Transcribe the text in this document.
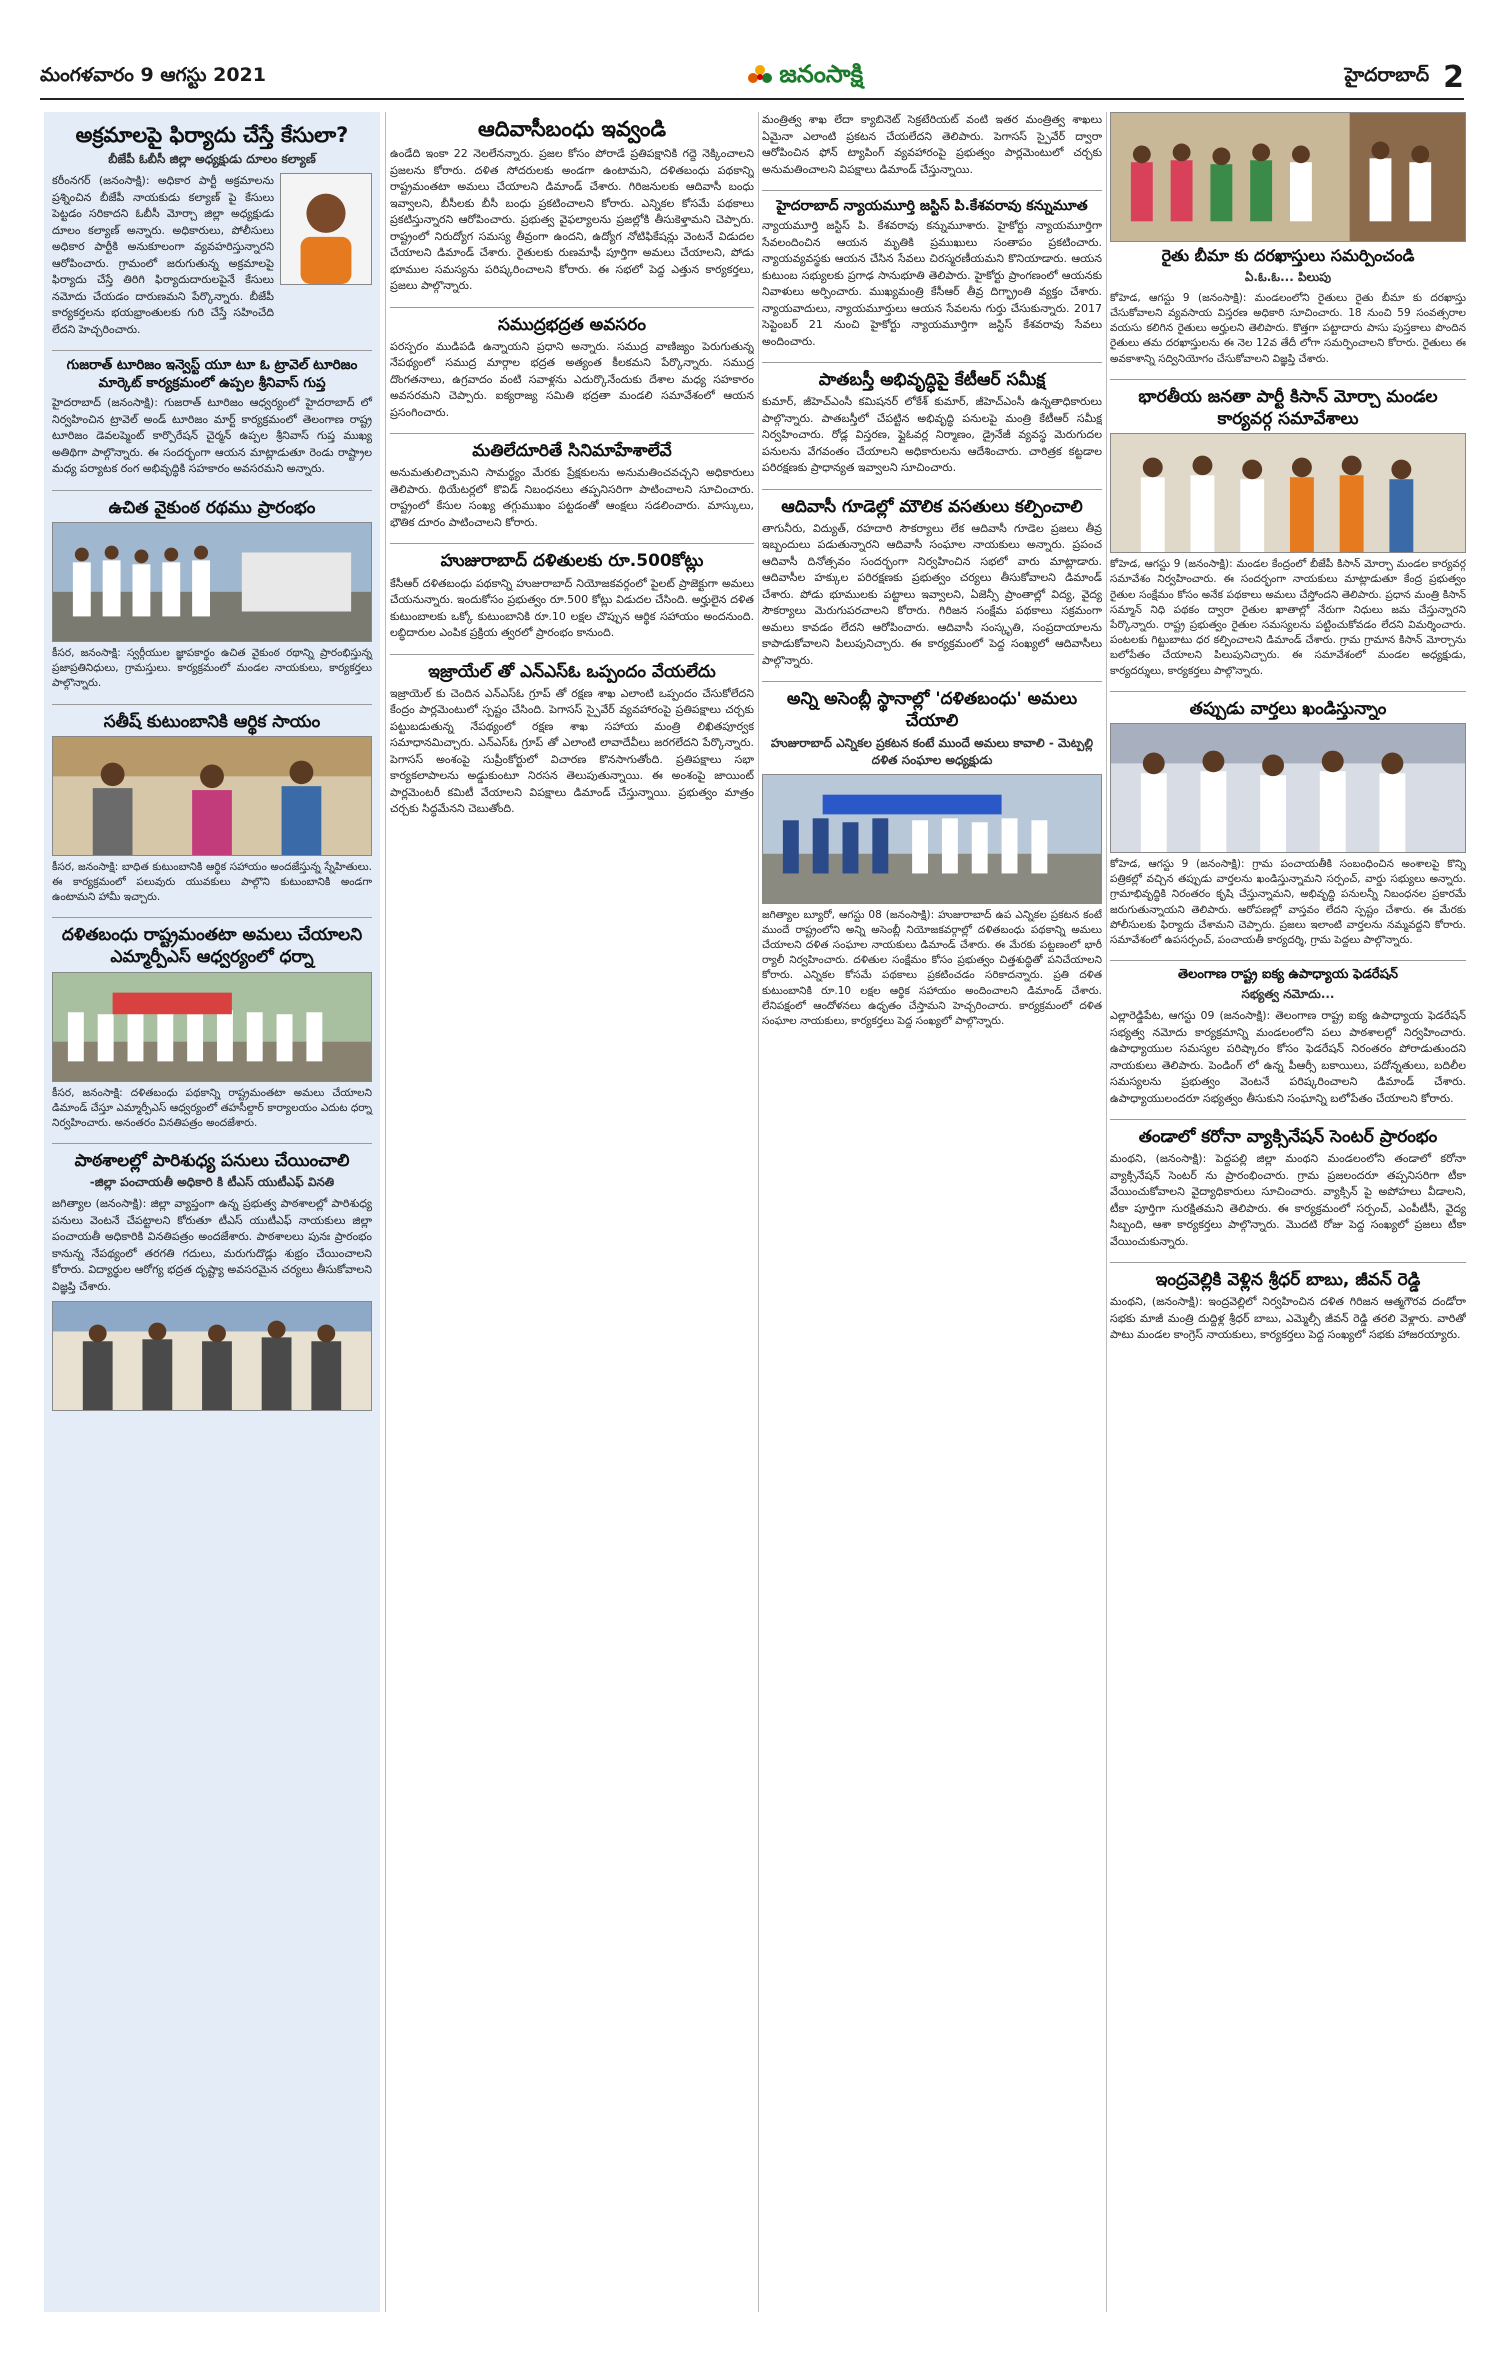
మంగళవారం 9 ఆగస్టు 2021	జనంసాక్షి	హైదరాబాద్ 2
అక్రమాలపై ఫిర్యాదు చేస్తే కేసులా?
బీజేపీ ఓబీసీ జిల్లా అధ్యక్షుడు దూలం కల్యాణ్
కరీంనగర్ (జనంసాక్షి): అధికార పార్టీ అక్రమాలను ప్రశ్నించిన బీజేపీ నాయకుడు కల్యాణ్ పై కేసులు పెట్టడం సరికాదని ఓబీసీ మోర్చా జిల్లా అధ్యక్షుడు దూలం కల్యాణ్ అన్నారు. అధికారులు, పోలీసులు అధికార పార్టీకి అనుకూలంగా వ్యవహరిస్తున్నారని ఆరోపించారు. గ్రామంలో జరుగుతున్న అక్రమాలపై ఫిర్యాదు చేస్తే తిరిగి ఫిర్యాదుదారులపైనే కేసులు నమోదు చేయడం దారుణమని పేర్కొన్నారు. బీజేపీ కార్యకర్తలను భయభ్రాంతులకు గురి చేస్తే సహించేది లేదని హెచ్చరించారు.
గుజరాత్ టూరిజం ఇన్వెస్ట్ యూ టూ ఓ ట్రావెల్ టూరిజం మార్కెట్ కార్యక్రమంలో ఉప్పల శ్రీనివాస్ గుప్త
హైదరాబాద్ (జనంసాక్షి): గుజరాత్ టూరిజం ఆధ్వర్యంలో హైదరాబాద్ లో నిర్వహించిన ట్రావెల్ అండ్ టూరిజం మార్ట్ కార్యక్రమంలో తెలంగాణ రాష్ట్ర టూరిజం డెవలప్మెంట్ కార్పొరేషన్ చైర్మన్ ఉప్పల శ్రీనివాస్ గుప్త ముఖ్య అతిథిగా పాల్గొన్నారు. ఈ సందర్భంగా ఆయన మాట్లాడుతూ రెండు రాష్ట్రాల మధ్య పర్యాటక రంగ అభివృద్ధికి సహకారం అవసరమని అన్నారు.
ఉచిత వైకుంఠ రథము ప్రారంభం
కీసర, జనంసాక్షి: స్వర్గీయుల జ్ఞాపకార్థం ఉచిత వైకుంఠ రథాన్ని ప్రారంభిస్తున్న ప్రజాప్రతినిధులు, గ్రామస్తులు. కార్యక్రమంలో మండల నాయకులు, కార్యకర్తలు పాల్గొన్నారు.
సతీష్ కుటుంబానికి ఆర్థిక సాయం
కీసర, జనంసాక్షి: బాధిత కుటుంబానికి ఆర్థిక సహాయం అందజేస్తున్న స్నేహితులు. ఈ కార్యక్రమంలో పలువురు యువకులు పాల్గొని కుటుంబానికి అండగా ఉంటామని హామీ ఇచ్చారు.
దళితబంధు రాష్ట్రమంతటా అమలు చేయాలని ఎమ్మార్పీఎస్ ఆధ్వర్యంలో ధర్నా
కీసర, జనంసాక్షి: దళితబంధు పథకాన్ని రాష్ట్రమంతటా అమలు చేయాలని డిమాండ్ చేస్తూ ఎమ్మార్పీఎస్ ఆధ్వర్యంలో తహసీల్దార్ కార్యాలయం ఎదుట ధర్నా నిర్వహించారు. అనంతరం వినతిపత్రం అందజేశారు.
పాఠశాలల్లో పారిశుధ్య పనులు చేయించాలి
-జిల్లా పంచాయతీ అధికారి కి టీఎస్ యుటీఎఫ్ వినతి
జగిత్యాల (జనంసాక్షి): జిల్లా వ్యాప్తంగా ఉన్న ప్రభుత్వ పాఠశాలల్లో పారిశుధ్య పనులు వెంటనే చేపట్టాలని కోరుతూ టీఎస్ యుటీఎఫ్ నాయకులు జిల్లా పంచాయతీ అధికారికి వినతిపత్రం అందజేశారు. పాఠశాలలు పునః ప్రారంభం కానున్న నేపథ్యంలో తరగతి గదులు, మరుగుదొడ్లు శుభ్రం చేయించాలని కోరారు. విద్యార్థుల ఆరోగ్య భద్రత దృష్ట్యా అవసరమైన చర్యలు తీసుకోవాలని విజ్ఞప్తి చేశారు.
ఆదివాసీబంధు ఇవ్వండి
ఉండేది ఇంకా 22 నెలలేనన్నారు. ప్రజల కోసం పోరాడే ప్రతిపక్షానికి గద్దె నెక్కించాలని ప్రజలను కోరారు. దళిత సోదరులకు అండగా ఉంటామని, దళితబంధు పథకాన్ని రాష్ట్రమంతటా అమలు చేయాలని డిమాండ్ చేశారు. గిరిజనులకు ఆదివాసీ బంధు ఇవ్వాలని, బీసీలకు బీసీ బంధు ప్రకటించాలని కోరారు. ఎన్నికల కోసమే పథకాలు ప్రకటిస్తున్నారని ఆరోపించారు. ప్రభుత్వ వైఫల్యాలను ప్రజల్లోకి తీసుకెళ్తామని చెప్పారు. రాష్ట్రంలో నిరుద్యోగ సమస్య తీవ్రంగా ఉందని, ఉద్యోగ నోటిఫికేషన్లు వెంటనే విడుదల చేయాలని డిమాండ్ చేశారు. రైతులకు రుణమాఫీ పూర్తిగా అమలు చేయాలని, పోడు భూముల సమస్యను పరిష్కరించాలని కోరారు. ఈ సభలో పెద్ద ఎత్తున కార్యకర్తలు, ప్రజలు పాల్గొన్నారు.
సముద్రభద్రత అవసరం
పరస్పరం ముడిపడి ఉన్నాయని ప్రధాని అన్నారు. సముద్ర వాణిజ్యం పెరుగుతున్న నేపథ్యంలో సముద్ర మార్గాల భద్రత అత్యంత కీలకమని పేర్కొన్నారు. సముద్ర దొంగతనాలు, ఉగ్రవాదం వంటి సవాళ్లను ఎదుర్కొనేందుకు దేశాల మధ్య సహకారం అవసరమని చెప్పారు. ఐక్యరాజ్య సమితి భద్రతా మండలి సమావేశంలో ఆయన ప్రసంగించారు.
మతిలేదూరితే సినిమాహేశాలేవే
అనుమతులిచ్చామని సామర్థ్యం మేరకు ప్రేక్షకులను అనుమతించవచ్చని అధికారులు తెలిపారు. థియేటర్లలో కొవిడ్ నిబంధనలు తప్పనిసరిగా పాటించాలని సూచించారు. రాష్ట్రంలో కేసుల సంఖ్య తగ్గుముఖం పట్టడంతో ఆంక్షలు సడలించారు. మాస్కులు, భౌతిక దూరం పాటించాలని కోరారు.
హుజురాబాద్ దళితులకు రూ.500కోట్లు
కేసీఆర్ దళితబంధు పథకాన్ని హుజురాబాద్ నియోజకవర్గంలో పైలట్ ప్రాజెక్టుగా అమలు చేయనున్నారు. ఇందుకోసం ప్రభుత్వం రూ.500 కోట్లు విడుదల చేసింది. అర్హులైన దళిత కుటుంబాలకు ఒక్కో కుటుంబానికి రూ.10 లక్షల చొప్పున ఆర్థిక సహాయం అందనుంది. లబ్ధిదారుల ఎంపిక ప్రక్రియ త్వరలో ప్రారంభం కానుంది.
ఇజ్రాయేల్ తో ఎన్ఎస్ఓ ఒప్పందం వేయలేదు
ఇజ్రాయెల్ కు చెందిన ఎన్ఎస్ఓ గ్రూప్ తో రక్షణ శాఖ ఎలాంటి ఒప్పందం చేసుకోలేదని కేంద్రం పార్లమెంటులో స్పష్టం చేసింది. పెగాసస్ స్పైవేర్ వ్యవహారంపై ప్రతిపక్షాలు చర్చకు పట్టుబడుతున్న నేపథ్యంలో రక్షణ శాఖ సహాయ మంత్రి లిఖితపూర్వక సమాధానమిచ్చారు. ఎన్ఎస్ఓ గ్రూప్ తో ఎలాంటి లావాదేవీలు జరగలేదని పేర్కొన్నారు. పెగాసస్ అంశంపై సుప్రీంకోర్టులో విచారణ కొనసాగుతోంది. ప్రతిపక్షాలు సభా కార్యకలాపాలను అడ్డుకుంటూ నిరసన తెలుపుతున్నాయి. ఈ అంశంపై జాయింట్ పార్లమెంటరీ కమిటీ వేయాలని విపక్షాలు డిమాండ్ చేస్తున్నాయి. ప్రభుత్వం మాత్రం చర్చకు సిద్ధమేనని చెబుతోంది.
మంత్రిత్వ శాఖ లేదా క్యాబినెట్ సెక్రటేరియట్ వంటి ఇతర మంత్రిత్వ శాఖలు ఏమైనా ఎలాంటి ప్రకటన చేయలేదని తెలిపారు. పెగాసస్ స్పైవేర్ ద్వారా ఆరోపించిన ఫోన్ ట్యాపింగ్ వ్యవహారంపై ప్రభుత్వం పార్లమెంటులో చర్చకు అనుమతించాలని విపక్షాలు డిమాండ్ చేస్తున్నాయి.
హైదరాబాద్ న్యాయమూర్తి జస్టిస్ పి.కేశవరావు కన్నుమూత
న్యాయమూర్తి జస్టిస్ పి. కేశవరావు కన్నుమూశారు. హైకోర్టు న్యాయమూర్తిగా సేవలందించిన ఆయన మృతికి ప్రముఖులు సంతాపం ప్రకటించారు. న్యాయవ్యవస్థకు ఆయన చేసిన సేవలు చిరస్మరణీయమని కొనియాడారు. ఆయన కుటుంబ సభ్యులకు ప్రగాఢ సానుభూతి తెలిపారు. హైకోర్టు ప్రాంగణంలో ఆయనకు నివాళులు అర్పించారు. ముఖ్యమంత్రి కేసీఆర్ తీవ్ర దిగ్భ్రాంతి వ్యక్తం చేశారు. న్యాయవాదులు, న్యాయమూర్తులు ఆయన సేవలను గుర్తు చేసుకున్నారు. 2017 సెప్టెంబర్ 21 నుంచి హైకోర్టు న్యాయమూర్తిగా జస్టిస్ కేశవరావు సేవలు అందించారు.
పాతబస్తీ అభివృద్ధిపై కేటీఆర్ సమీక్ష
కుమార్, జీహెచ్ఎంసీ కమిషనర్ లోకేశ్ కుమార్, జీహెచ్ఎంసీ ఉన్నతాధికారులు పాల్గొన్నారు. పాతబస్తీలో చేపట్టిన అభివృద్ధి పనులపై మంత్రి కేటీఆర్ సమీక్ష నిర్వహించారు. రోడ్ల విస్తరణ, ఫ్లైఓవర్ల నిర్మాణం, డ్రైనేజీ వ్యవస్థ మెరుగుదల పనులను వేగవంతం చేయాలని అధికారులను ఆదేశించారు. చారిత్రక కట్టడాల పరిరక్షణకు ప్రాధాన్యత ఇవ్వాలని సూచించారు.
ఆదివాసీ గూడెల్లో మౌలిక వసతులు కల్పించాలి
తాగునీరు, విద్యుత్, రహదారి సౌకర్యాలు లేక ఆదివాసీ గూడెల ప్రజలు తీవ్ర ఇబ్బందులు పడుతున్నారని ఆదివాసీ సంఘాల నాయకులు అన్నారు. ప్రపంచ ఆదివాసీ దినోత్సవం సందర్భంగా నిర్వహించిన సభలో వారు మాట్లాడారు. ఆదివాసీల హక్కుల పరిరక్షణకు ప్రభుత్వం చర్యలు తీసుకోవాలని డిమాండ్ చేశారు. పోడు భూములకు పట్టాలు ఇవ్వాలని, ఏజెన్సీ ప్రాంతాల్లో విద్య, వైద్య సౌకర్యాలు మెరుగుపరచాలని కోరారు. గిరిజన సంక్షేమ పథకాలు సక్రమంగా అమలు కావడం లేదని ఆరోపించారు. ఆదివాసీ సంస్కృతి, సంప్రదాయాలను కాపాడుకోవాలని పిలుపునిచ్చారు. ఈ కార్యక్రమంలో పెద్ద సంఖ్యలో ఆదివాసీలు పాల్గొన్నారు.
అన్ని అసెంబ్లీ స్థానాల్లో 'దళితబంధు' అమలు చేయాలి
హుజురాబాద్ ఎన్నికల ప్రకటన కంటే ముందే అమలు కావాలి - మెట్పల్లి దళిత సంఘాల అధ్యక్షుడు
జగిత్యాల బ్యూరో, ఆగస్టు 08 (జనంసాక్షి): హుజురాబాద్ ఉప ఎన్నికల ప్రకటన కంటే ముందే రాష్ట్రంలోని అన్ని అసెంబ్లీ నియోజకవర్గాల్లో దళితబంధు పథకాన్ని అమలు చేయాలని దళిత సంఘాల నాయకులు డిమాండ్ చేశారు. ఈ మేరకు పట్టణంలో భారీ ర్యాలీ నిర్వహించారు. దళితుల సంక్షేమం కోసం ప్రభుత్వం చిత్తశుద్ధితో పనిచేయాలని కోరారు. ఎన్నికల కోసమే పథకాలు ప్రకటించడం సరికాదన్నారు. ప్రతి దళిత కుటుంబానికి రూ.10 లక్షల ఆర్థిక సహాయం అందించాలని డిమాండ్ చేశారు. లేనిపక్షంలో ఆందోళనలు ఉధృతం చేస్తామని హెచ్చరించారు. కార్యక్రమంలో దళిత సంఘాల నాయకులు, కార్యకర్తలు పెద్ద సంఖ్యలో పాల్గొన్నారు.
రైతు బీమా కు దరఖాస్తులు సమర్పించండి
ఏ.ఓ.ఓ... పిలుపు
కోహెడ, ఆగస్టు 9 (జనంసాక్షి): మండలంలోని రైతులు రైతు బీమా కు దరఖాస్తు చేసుకోవాలని వ్యవసాయ విస్తరణ అధికారి సూచించారు. 18 నుంచి 59 సంవత్సరాల వయసు కలిగిన రైతులు అర్హులని తెలిపారు. కొత్తగా పట్టాదారు పాసు పుస్తకాలు పొందిన రైతులు తమ దరఖాస్తులను ఈ నెల 12వ తేదీ లోగా సమర్పించాలని కోరారు. రైతులు ఈ అవకాశాన్ని సద్వినియోగం చేసుకోవాలని విజ్ఞప్తి చేశారు.
భారతీయ జనతా పార్టీ కిసాన్ మోర్చా మండల కార్యవర్గ సమావేశాలు
కోహెడ, ఆగస్టు 9 (జనంసాక్షి): మండల కేంద్రంలో బీజేపీ కిసాన్ మోర్చా మండల కార్యవర్గ సమావేశం నిర్వహించారు. ఈ సందర్భంగా నాయకులు మాట్లాడుతూ కేంద్ర ప్రభుత్వం రైతుల సంక్షేమం కోసం అనేక పథకాలు అమలు చేస్తోందని తెలిపారు. ప్రధాన మంత్రి కిసాన్ సమ్మాన్ నిధి పథకం ద్వారా రైతుల ఖాతాల్లో నేరుగా నిధులు జమ చేస్తున్నారని పేర్కొన్నారు. రాష్ట్ర ప్రభుత్వం రైతుల సమస్యలను పట్టించుకోవడం లేదని విమర్శించారు. పంటలకు గిట్టుబాటు ధర కల్పించాలని డిమాండ్ చేశారు. గ్రామ గ్రామాన కిసాన్ మోర్చాను బలోపేతం చేయాలని పిలుపునిచ్చారు. ఈ సమావేశంలో మండల అధ్యక్షుడు, కార్యదర్శులు, కార్యకర్తలు పాల్గొన్నారు.
తప్పుడు వార్తలు ఖండిస్తున్నాం
కోహెడ, ఆగస్టు 9 (జనంసాక్షి): గ్రామ పంచాయతీకి సంబంధించిన అంశాలపై కొన్ని పత్రికల్లో వచ్చిన తప్పుడు వార్తలను ఖండిస్తున్నామని సర్పంచ్, వార్డు సభ్యులు అన్నారు. గ్రామాభివృద్ధికి నిరంతరం కృషి చేస్తున్నామని, అభివృద్ధి పనులన్నీ నిబంధనల ప్రకారమే జరుగుతున్నాయని తెలిపారు. ఆరోపణల్లో వాస్తవం లేదని స్పష్టం చేశారు. ఈ మేరకు పోలీసులకు ఫిర్యాదు చేశామని చెప్పారు. ప్రజలు ఇలాంటి వార్తలను నమ్మవద్దని కోరారు. సమావేశంలో ఉపసర్పంచ్, పంచాయతీ కార్యదర్శి, గ్రామ పెద్దలు పాల్గొన్నారు.
తెలంగాణ రాష్ట్ర ఐక్య ఉపాధ్యాయ ఫెడరేషన్
సభ్యత్వ నమోదు...
ఎల్లారెడ్డిపేట, ఆగస్టు 09 (జనంసాక్షి): తెలంగాణ రాష్ట్ర ఐక్య ఉపాధ్యాయ ఫెడరేషన్ సభ్యత్వ నమోదు కార్యక్రమాన్ని మండలంలోని పలు పాఠశాలల్లో నిర్వహించారు. ఉపాధ్యాయుల సమస్యల పరిష్కారం కోసం ఫెడరేషన్ నిరంతరం పోరాడుతుందని నాయకులు తెలిపారు. పెండింగ్ లో ఉన్న పీఆర్సీ బకాయిలు, పదోన్నతులు, బదిలీల సమస్యలను ప్రభుత్వం వెంటనే పరిష్కరించాలని డిమాండ్ చేశారు. ఉపాధ్యాయులందరూ సభ్యత్వం తీసుకుని సంఘాన్ని బలోపేతం చేయాలని కోరారు.
తండాలో కరోనా వ్యాక్సినేషన్ సెంటర్ ప్రారంభం
మంథని, (జనంసాక్షి): పెద్దపల్లి జిల్లా మంథని మండలంలోని తండాలో కరోనా వ్యాక్సినేషన్ సెంటర్ ను ప్రారంభించారు. గ్రామ ప్రజలందరూ తప్పనిసరిగా టీకా వేయించుకోవాలని వైద్యాధికారులు సూచించారు. వ్యాక్సిన్ పై అపోహలు వీడాలని, టీకా పూర్తిగా సురక్షితమని తెలిపారు. ఈ కార్యక్రమంలో సర్పంచ్, ఎంపీటీసీ, వైద్య సిబ్బంది, ఆశా కార్యకర్తలు పాల్గొన్నారు. మొదటి రోజు పెద్ద సంఖ్యలో ప్రజలు టీకా వేయించుకున్నారు.
ఇంద్రవెల్లికి వెళ్లిన శ్రీధర్ బాబు, జీవన్ రెడ్డి
మంథని, (జనంసాక్షి): ఇంద్రవెల్లిలో నిర్వహించిన దళిత గిరిజన ఆత్మగౌరవ దండోరా సభకు మాజీ మంత్రి దుద్దిళ్ల శ్రీధర్ బాబు, ఎమ్మెల్సీ జీవన్ రెడ్డి తరలి వెళ్లారు. వారితో పాటు మండల కాంగ్రెస్ నాయకులు, కార్యకర్తలు పెద్ద సంఖ్యలో సభకు హాజరయ్యారు.
